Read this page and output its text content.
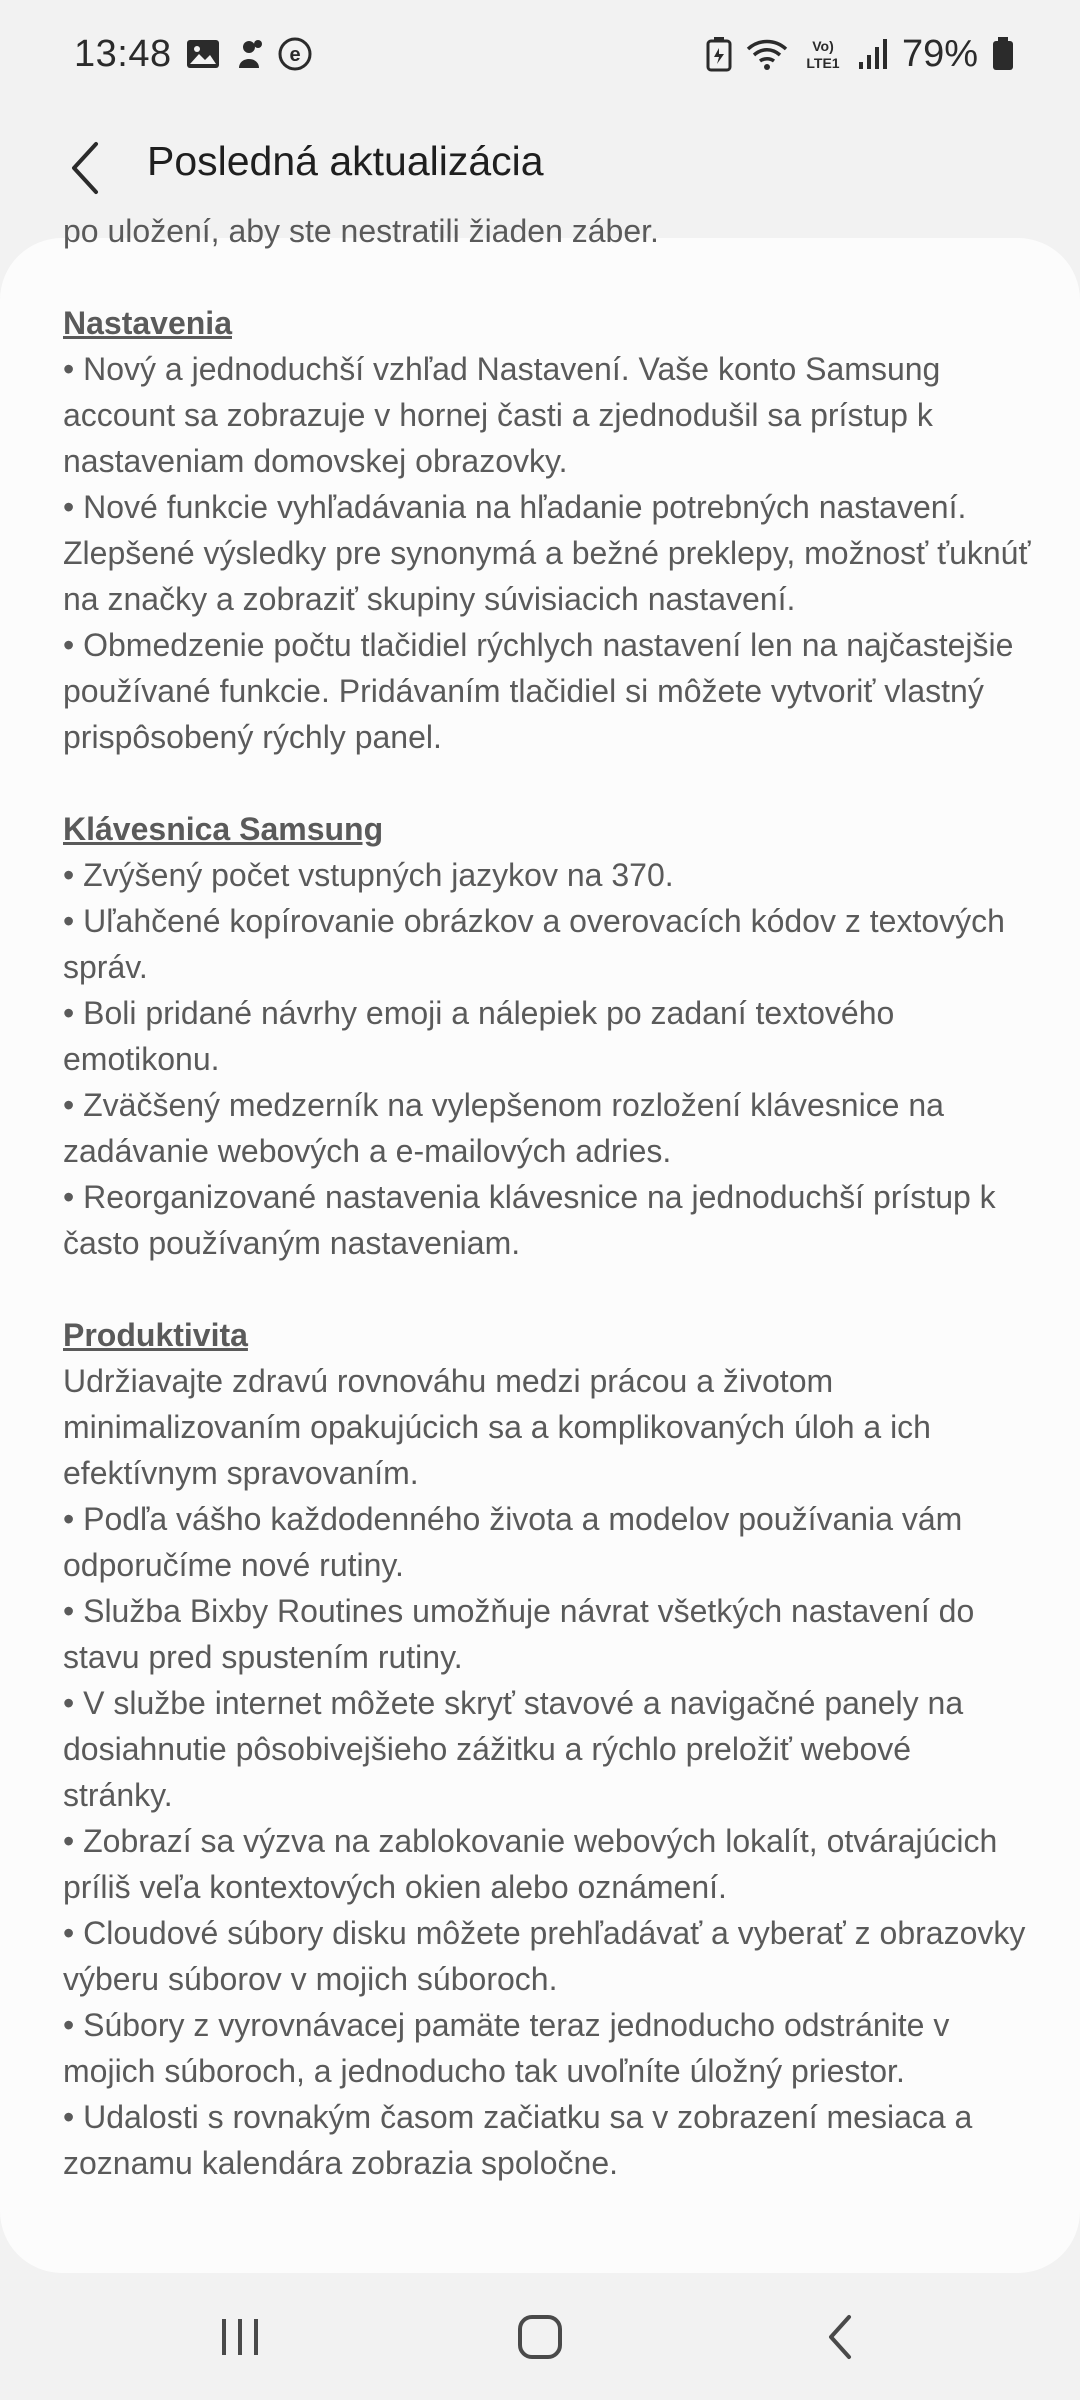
13:48	e	Vo)
LTE1 79%
Posledná aktualizácia
po uložení, aby ste nestratili žiaden záber.
Nastavenia
• Nový a jednoduchší vzhľad Nastavení. Vaše konto Samsung
account sa zobrazuje v hornej časti a zjednodušil sa prístup k
nastaveniam domovskej obrazovky.
• Nové funkcie vyhľadávania na hľadanie potrebných nastavení.
Zlepšené výsledky pre synonymá a bežné preklepy, možnosť ťuknúť
na značky a zobraziť skupiny súvisiacich nastavení.
• Obmedzenie počtu tlačidiel rýchlych nastavení len na najčastejšie
používané funkcie. Pridávaním tlačidiel si môžete vytvoriť vlastný
prispôsobený rýchly panel.
Klávesnica Samsung
• Zvýšený počet vstupných jazykov na 370.
• Uľahčené kopírovanie obrázkov a overovacích kódov z textových
správ.
• Boli pridané návrhy emoji a nálepiek po zadaní textového
emotikonu.
• Zväčšený medzerník na vylepšenom rozložení klávesnice na
zadávanie webových a e-mailových adries.
• Reorganizované nastavenia klávesnice na jednoduchší prístup k
často používaným nastaveniam.
Produktivita
Udržiavajte zdravú rovnováhu medzi prácou a životom
minimalizovaním opakujúcich sa a komplikovaných úloh a ich
efektívnym spravovaním.
• Podľa vášho každodenného života a modelov používania vám
odporučíme nové rutiny.
• Služba Bixby Routines umožňuje návrat všetkých nastavení do
stavu pred spustením rutiny.
• V službe internet môžete skryť stavové a navigačné panely na
dosiahnutie pôsobivejšieho zážitku a rýchlo preložiť webové
stránky.
• Zobrazí sa výzva na zablokovanie webových lokalít, otvárajúcich
príliš veľa kontextových okien alebo oznámení.
• Cloudové súbory disku môžete prehľadávať a vyberať z obrazovky
výberu súborov v mojich súboroch.
• Súbory z vyrovnávacej pamäte teraz jednoducho odstránite v
mojich súboroch, a jednoducho tak uvoľníte úložný priestor.
• Udalosti s rovnakým časom začiatku sa v zobrazení mesiaca a
zoznamu kalendára zobrazia spoločne.
